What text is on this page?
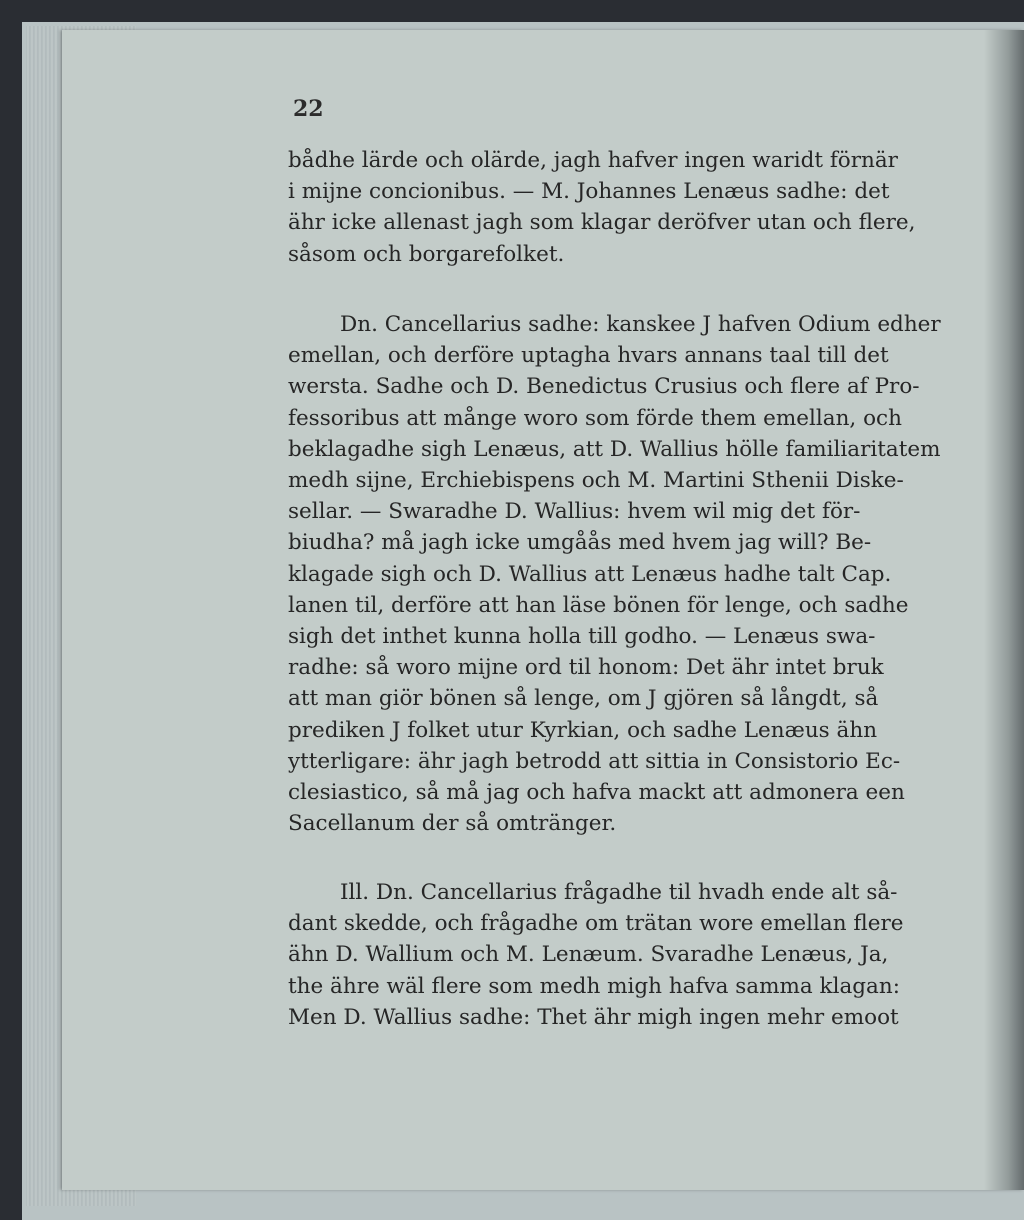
22

bådhe lärde och olärde, jagh hafver ingen waridt förnär
i mijne concionibus. — M. Johannes Lenæus sadhe: det
ähr icke allenast jagh som klagar deröfver utan och flere,
såsom och borgarefolket.

Dn. Cancellarius sadhe: kanskee J hafven Odium edher
emellan, och derföre uptagha hvars annans taal till det
wersta. Sadhe och D. Benedictus Crusius och flere af Pro-
fessoribus att månge woro som förde them emellan, och
beklagadhe sigh Lenæus, att D. Wallius hölle familiaritatem
medh sijne, Erchiebispens och M. Martini Sthenii Diske-
sellar. — Swaradhe D. Wallius: hvem wil mig det för-
biudha? må jagh icke umgåås med hvem jag will? Be-
klagade sigh och D. Wallius att Lenæus hadhe talt Cap.
lanen til, derföre att han läse bönen för lenge, och sadhe
sigh det inthet kunna holla till godho. — Lenæus swa-
radhe: så woro mijne ord til honom: Det ähr intet bruk
att man giör bönen så lenge, om J gjören så långdt, så
prediken J folket utur Kyrkian, och sadhe Lenæus ähn
ytterligare: ähr jagh betrodd att sittia in Consistorio Ec-
clesiastico, så må jag och hafva mackt att admonera een
Sacellanum der så omtränger.

Ill. Dn. Cancellarius frågadhe til hvadh ende alt så-
dant skedde, och frågadhe om trätan wore emellan flere
ähn D. Wallium och M. Lenæum. Svaradhe Lenæus, Ja,
the ähre wäl flere som medh migh hafva samma klagan:
Men D. Wallius sadhe: Thet ähr migh ingen mehr emoot
